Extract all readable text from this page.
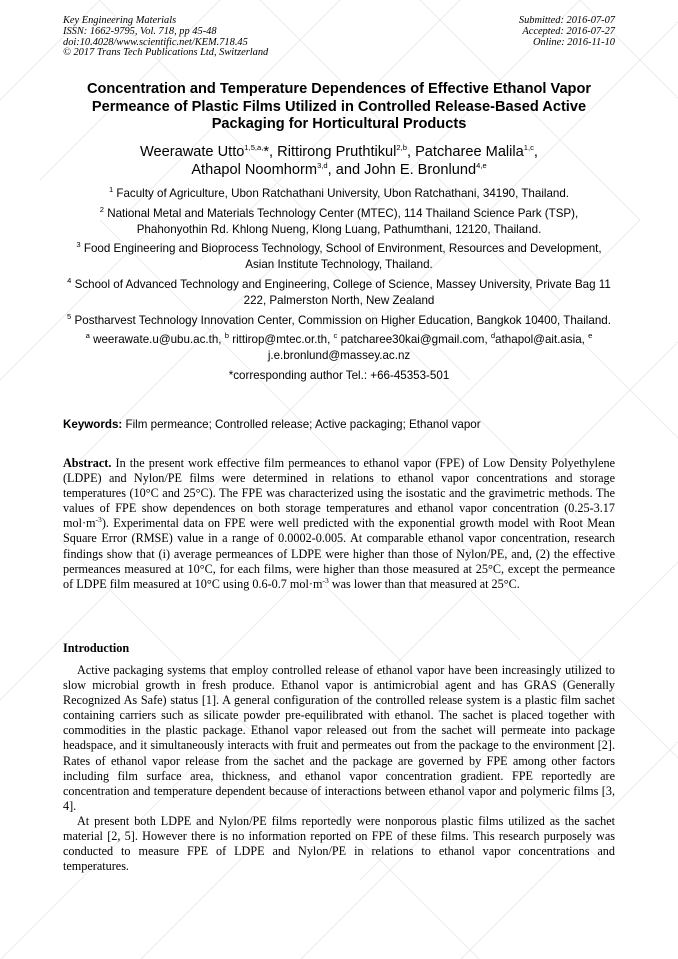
Key Engineering Materials
ISSN: 1662-9795, Vol. 718, pp 45-48
doi:10.4028/www.scientific.net/KEM.718.45
© 2017 Trans Tech Publications Ltd, Switzerland
Submitted: 2016-07-07
Accepted: 2016-07-27
Online: 2016-11-10
Concentration and Temperature Dependences of Effective Ethanol Vapor Permeance of Plastic Films Utilized in Controlled Release-Based Active Packaging for Horticultural Products
Weerawate Utto$^{1,5,a,}$*, Rittirong Pruthtikul$^{2,b}$, Patcharee Malila$^{1,c}$,
Athapol Noomhorm$^{3,d}$, and John E. Bronlund$^{4,e}$
$^1$ Faculty of Agriculture, Ubon Ratchathani University, Ubon Ratchathani, 34190, Thailand.
$^2$ National Metal and Materials Technology Center (MTEC), 114 Thailand Science Park (TSP), Phahonyothin Rd. Khlong Nueng, Klong Luang, Pathumthani, 12120, Thailand.
$^3$ Food Engineering and Bioprocess Technology, School of Environment, Resources and Development, Asian Institute Technology, Thailand.
$^4$ School of Advanced Technology and Engineering, College of Science, Massey University, Private Bag 11 222, Palmerston North, New Zealand
$^5$ Postharvest Technology Innovation Center, Commission on Higher Education, Bangkok 10400, Thailand.
$^a$ weerawate.u@ubu.ac.th, $^b$ rittirop@mtec.or.th, $^c$ patcharee30kai@gmail.com, $^d$athapol@ait.asia, $^e$ j.e.bronlund@massey.ac.nz
*corresponding author Tel.: +66-45353-501
Keywords: Film permeance; Controlled release; Active packaging; Ethanol vapor
Abstract. In the present work effective film permeances to ethanol vapor (FPE) of Low Density Polyethylene (LDPE) and Nylon/PE films were determined in relations to ethanol vapor concentrations and storage temperatures (10°C and 25°C). The FPE was characterized using the isostatic and the gravimetric methods. The values of FPE show dependences on both storage temperatures and ethanol vapor concentration (0.25-3.17 $mol\cdot m^{-3}$). Experimental data on FPE were well predicted with the exponential growth model with Root Mean Square Error (RMSE) value in a range of 0.0002-0.005. At comparable ethanol vapor concentration, research findings show that (i) average permeances of LDPE were higher than those of Nylon/PE, and, (2) the effective permeances measured at 10°C, for each films, were higher than those measured at 25°C, except the permeance of LDPE film measured at 10°C using 0.6-0.7 $mol\cdot m^{-3}$ was lower than that measured at 25°C.
Introduction

Active packaging systems that employ controlled release of ethanol vapor have been increasingly utilized to slow microbial growth in fresh produce. Ethanol vapor is antimicrobial agent and has GRAS (Generally Recognized As Safe) status [1]. A general configuration of the controlled release system is a plastic film sachet containing carriers such as silicate powder pre-equilibrated with ethanol. The sachet is placed together with commodities in the plastic package. Ethanol vapor released out from the sachet will permeate into package headspace, and it simultaneously interacts with fruit and permeates out from the package to the environment [2]. Rates of ethanol vapor release from the sachet and the package are governed by FPE among other factors including film surface area, thickness, and ethanol vapor concentration gradient. FPE reportedly are concentration and temperature dependent because of interactions between ethanol vapor and polymeric films [3, 4].

At present both LDPE and Nylon/PE films reportedly were nonporous plastic films utilized as the sachet material [2, 5]. However there is no information reported on FPE of these films. This research purposely was conducted to measure FPE of LDPE and Nylon/PE in relations to ethanol vapor concentrations and temperatures.
